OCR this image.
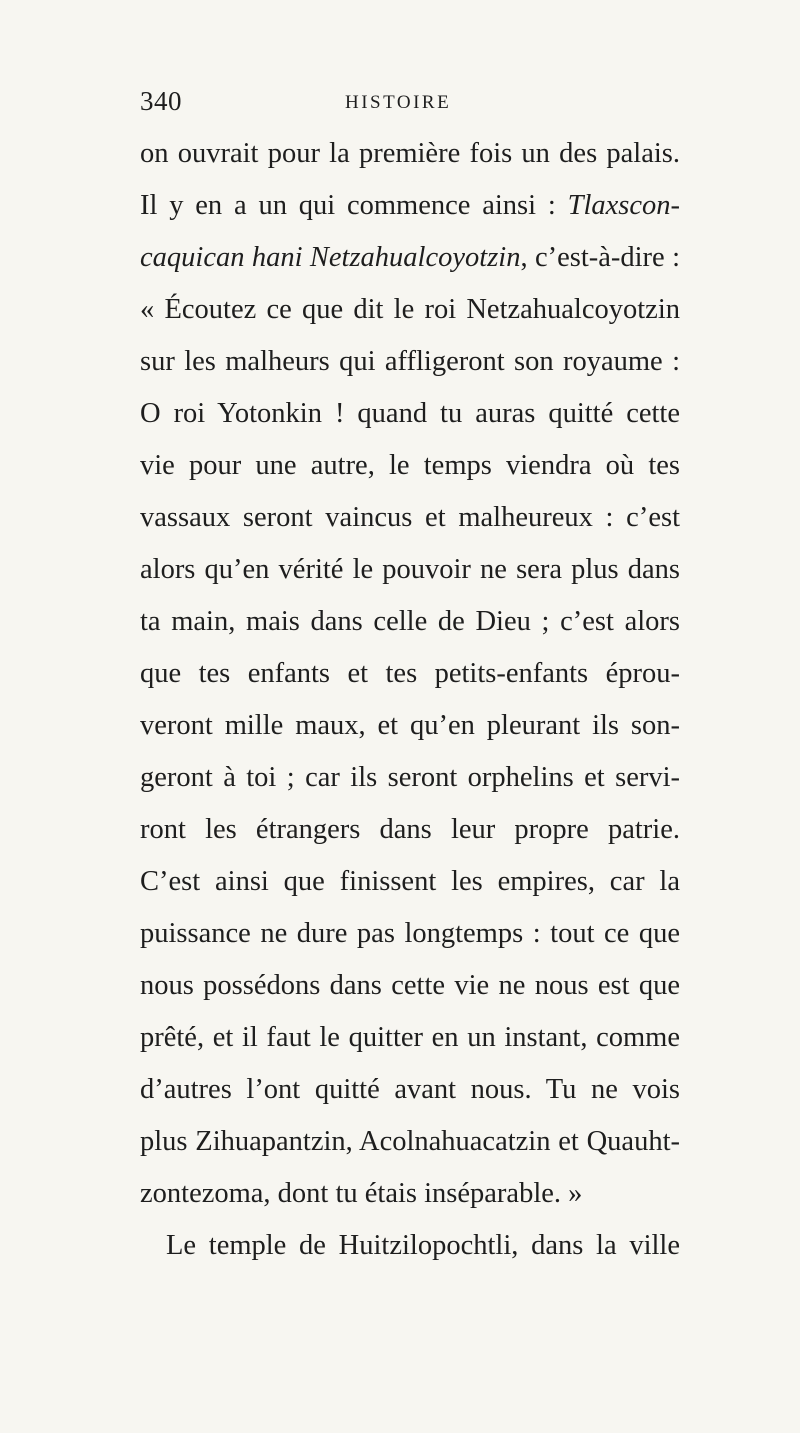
340	HISTOIRE
on ouvrait pour la première fois un des palais.
Il y en a un qui commence ainsi : Tlaxscon-
caquican hani Netzahualcoyotzin, c’est-à-dire :
« Écoutez ce que dit le roi Netzahualcoyotzin
sur les malheurs qui affligeront son royaume :
O roi Yotonkin ! quand tu auras quitté cette
vie pour une autre, le temps viendra où tes
vassaux seront vaincus et malheureux : c’est
alors qu’en vérité le pouvoir ne sera plus dans
ta main, mais dans celle de Dieu ; c’est alors
que tes enfants et tes petits-enfants éprou-
veront mille maux, et qu’en pleurant ils son-
geront à toi ; car ils seront orphelins et servi-
ront les étrangers dans leur propre patrie.
C’est ainsi que finissent les empires, car la
puissance ne dure pas longtemps : tout ce que
nous possédons dans cette vie ne nous est que
prêté, et il faut le quitter en un instant, comme
d’autres l’ont quitté avant nous. Tu ne vois
plus Zihuapantzin, Acolnahuacatzin et Quauht-
zontezoma, dont tu étais inséparable. »
Le temple de Huitzilopochtli, dans la ville
